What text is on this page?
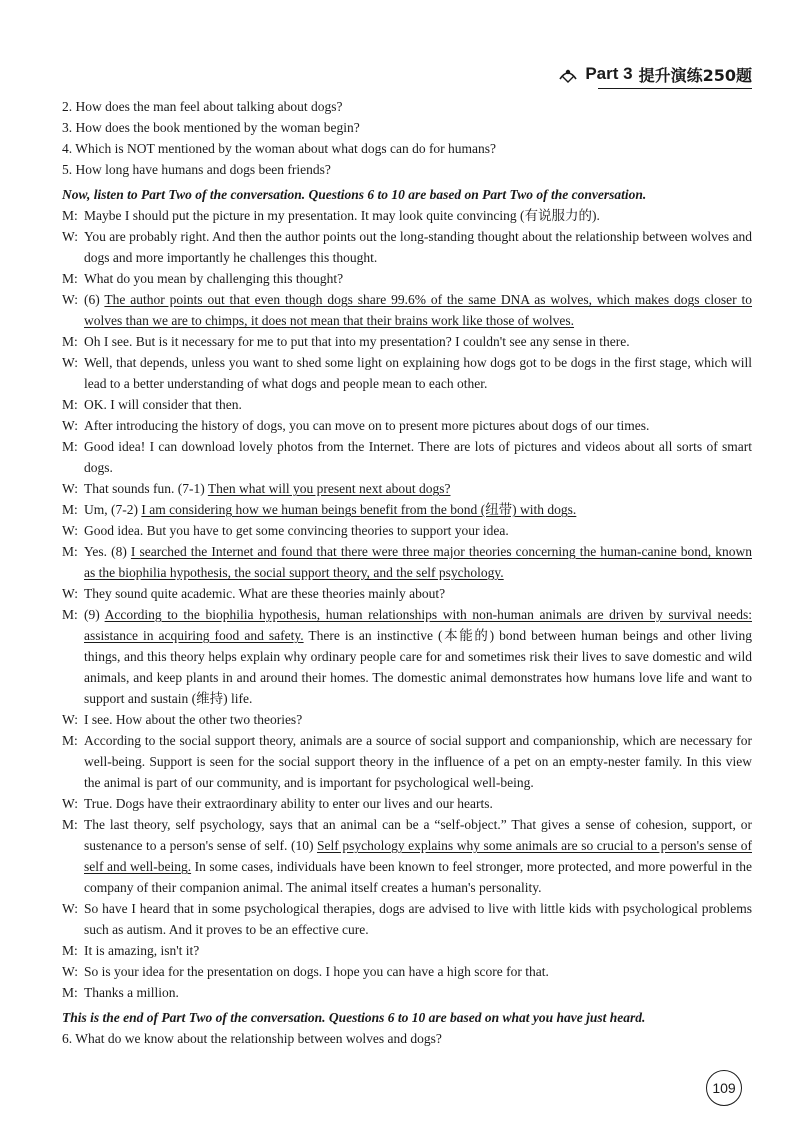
Part 3 提升演练250题
2. How does the man feel about talking about dogs?
3. How does the book mentioned by the woman begin?
4. Which is NOT mentioned by the woman about what dogs can do for humans?
5. How long have humans and dogs been friends?
Now, listen to Part Two of the conversation. Questions 6 to 10 are based on Part Two of the conversation.
M: Maybe I should put the picture in my presentation. It may look quite convincing (有说服力的).
W: You are probably right. And then the author points out the long-standing thought about the relationship between wolves and dogs and more importantly he challenges this thought.
M: What do you mean by challenging this thought?
W: (6) The author points out that even though dogs share 99.6% of the same DNA as wolves, which makes dogs closer to wolves than we are to chimps, it does not mean that their brains work like those of wolves.
M: Oh I see. But is it necessary for me to put that into my presentation? I couldn't see any sense in there.
W: Well, that depends, unless you want to shed some light on explaining how dogs got to be dogs in the first stage, which will lead to a better understanding of what dogs and people mean to each other.
M: OK. I will consider that then.
W: After introducing the history of dogs, you can move on to present more pictures about dogs of our times.
M: Good idea! I can download lovely photos from the Internet. There are lots of pictures and videos about all sorts of smart dogs.
W: That sounds fun. (7-1) Then what will you present next about dogs?
M: Um, (7-2) I am considering how we human beings benefit from the bond (纽带) with dogs.
W: Good idea. But you have to get some convincing theories to support your idea.
M: Yes. (8) I searched the Internet and found that there were three major theories concerning the human-canine bond, known as the biophilia hypothesis, the social support theory, and the self psychology.
W: They sound quite academic. What are these theories mainly about?
M: (9) According to the biophilia hypothesis, human relationships with non-human animals are driven by survival needs: assistance in acquiring food and safety. There is an instinctive (本能的) bond between human beings and other living things, and this theory helps explain why ordinary people care for and sometimes risk their lives to save domestic and wild animals, and keep plants in and around their homes. The domestic animal demonstrates how humans love life and want to support and sustain (维持) life.
W: I see. How about the other two theories?
M: According to the social support theory, animals are a source of social support and companionship, which are necessary for well-being. Support is seen for the social support theory in the influence of a pet on an empty-nester family. In this view the animal is part of our community, and is important for psychological well-being.
W: True. Dogs have their extraordinary ability to enter our lives and our hearts.
M: The last theory, self psychology, says that an animal can be a “self-object.” That gives a sense of cohesion, support, or sustenance to a person's sense of self. (10) Self psychology explains why some animals are so crucial to a person's sense of self and well-being. In some cases, individuals have been known to feel stronger, more protected, and more powerful in the company of their companion animal. The animal itself creates a human's personality.
W: So have I heard that in some psychological therapies, dogs are advised to live with little kids with psychological problems such as autism. And it proves to be an effective cure.
M: It is amazing, isn't it?
W: So is your idea for the presentation on dogs. I hope you can have a high score for that.
M: Thanks a million.
This is the end of Part Two of the conversation. Questions 6 to 10 are based on what you have just heard.
6. What do we know about the relationship between wolves and dogs?
109
